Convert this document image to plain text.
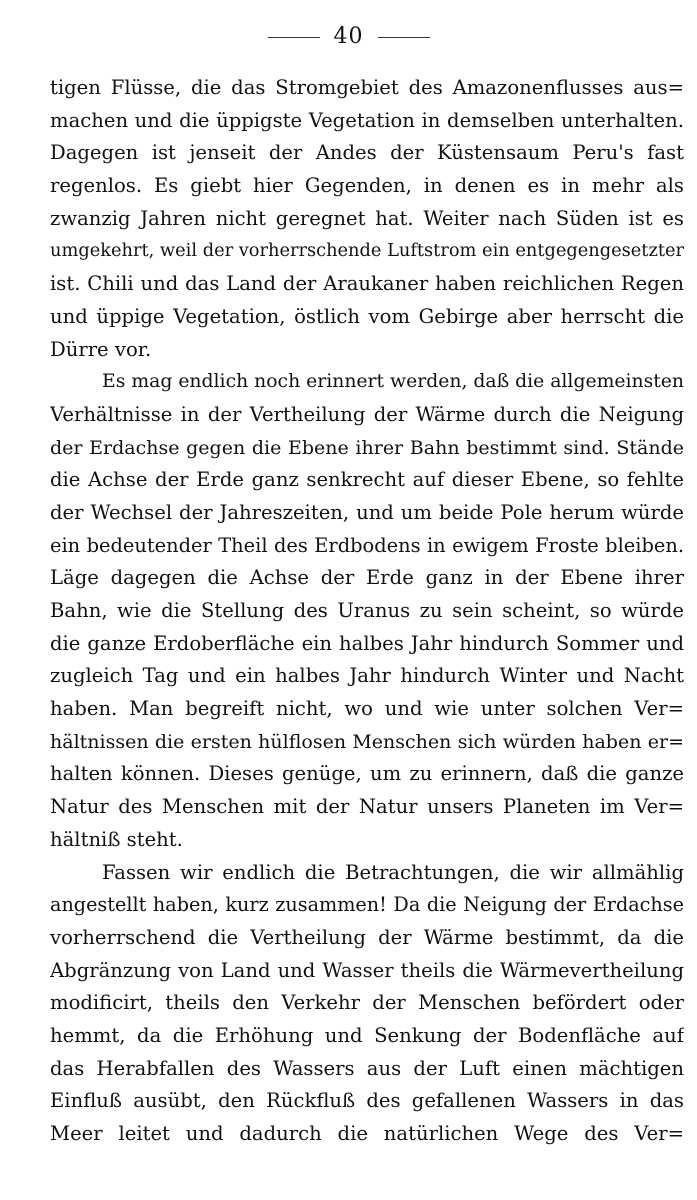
40
tigen Flüsse, die das Stromgebiet des Amazonenflusses aus=
machen und die üppigste Vegetation in demselben unterhalten.
Dagegen ist jenseit der Andes der Küstensaum Peru's fast
regenlos. Es giebt hier Gegenden, in denen es in mehr als
zwanzig Jahren nicht geregnet hat. Weiter nach Süden ist es
umgekehrt, weil der vorherrschende Luftstrom ein entgegengesetzter
ist. Chili und das Land der Araukaner haben reichlichen Regen
und üppige Vegetation, östlich vom Gebirge aber herrscht die
Dürre vor.
Es mag endlich noch erinnert werden, daß die allgemeinsten
Verhältnisse in der Vertheilung der Wärme durch die Neigung
der Erdachse gegen die Ebene ihrer Bahn bestimmt sind. Stände
die Achse der Erde ganz senkrecht auf dieser Ebene, so fehlte
der Wechsel der Jahreszeiten, und um beide Pole herum würde
ein bedeutender Theil des Erdbodens in ewigem Froste bleiben.
Läge dagegen die Achse der Erde ganz in der Ebene ihrer
Bahn, wie die Stellung des Uranus zu sein scheint, so würde
die ganze Erdoberfläche ein halbes Jahr hindurch Sommer und
zugleich Tag und ein halbes Jahr hindurch Winter und Nacht
haben. Man begreift nicht, wo und wie unter solchen Ver=
hältnissen die ersten hülflosen Menschen sich würden haben er=
halten können. Dieses genüge, um zu erinnern, daß die ganze
Natur des Menschen mit der Natur unsers Planeten im Ver=
hältniß steht.
Fassen wir endlich die Betrachtungen, die wir allmählig
angestellt haben, kurz zusammen! Da die Neigung der Erdachse
vorherrschend die Vertheilung der Wärme bestimmt, da die
Abgränzung von Land und Wasser theils die Wärmevertheilung
modificirt, theils den Verkehr der Menschen befördert oder
hemmt, da die Erhöhung und Senkung der Bodenfläche auf
das Herabfallen des Wassers aus der Luft einen mächtigen
Einfluß ausübt, den Rückfluß des gefallenen Wassers in das
Meer leitet und dadurch die natürlichen Wege des Ver=
